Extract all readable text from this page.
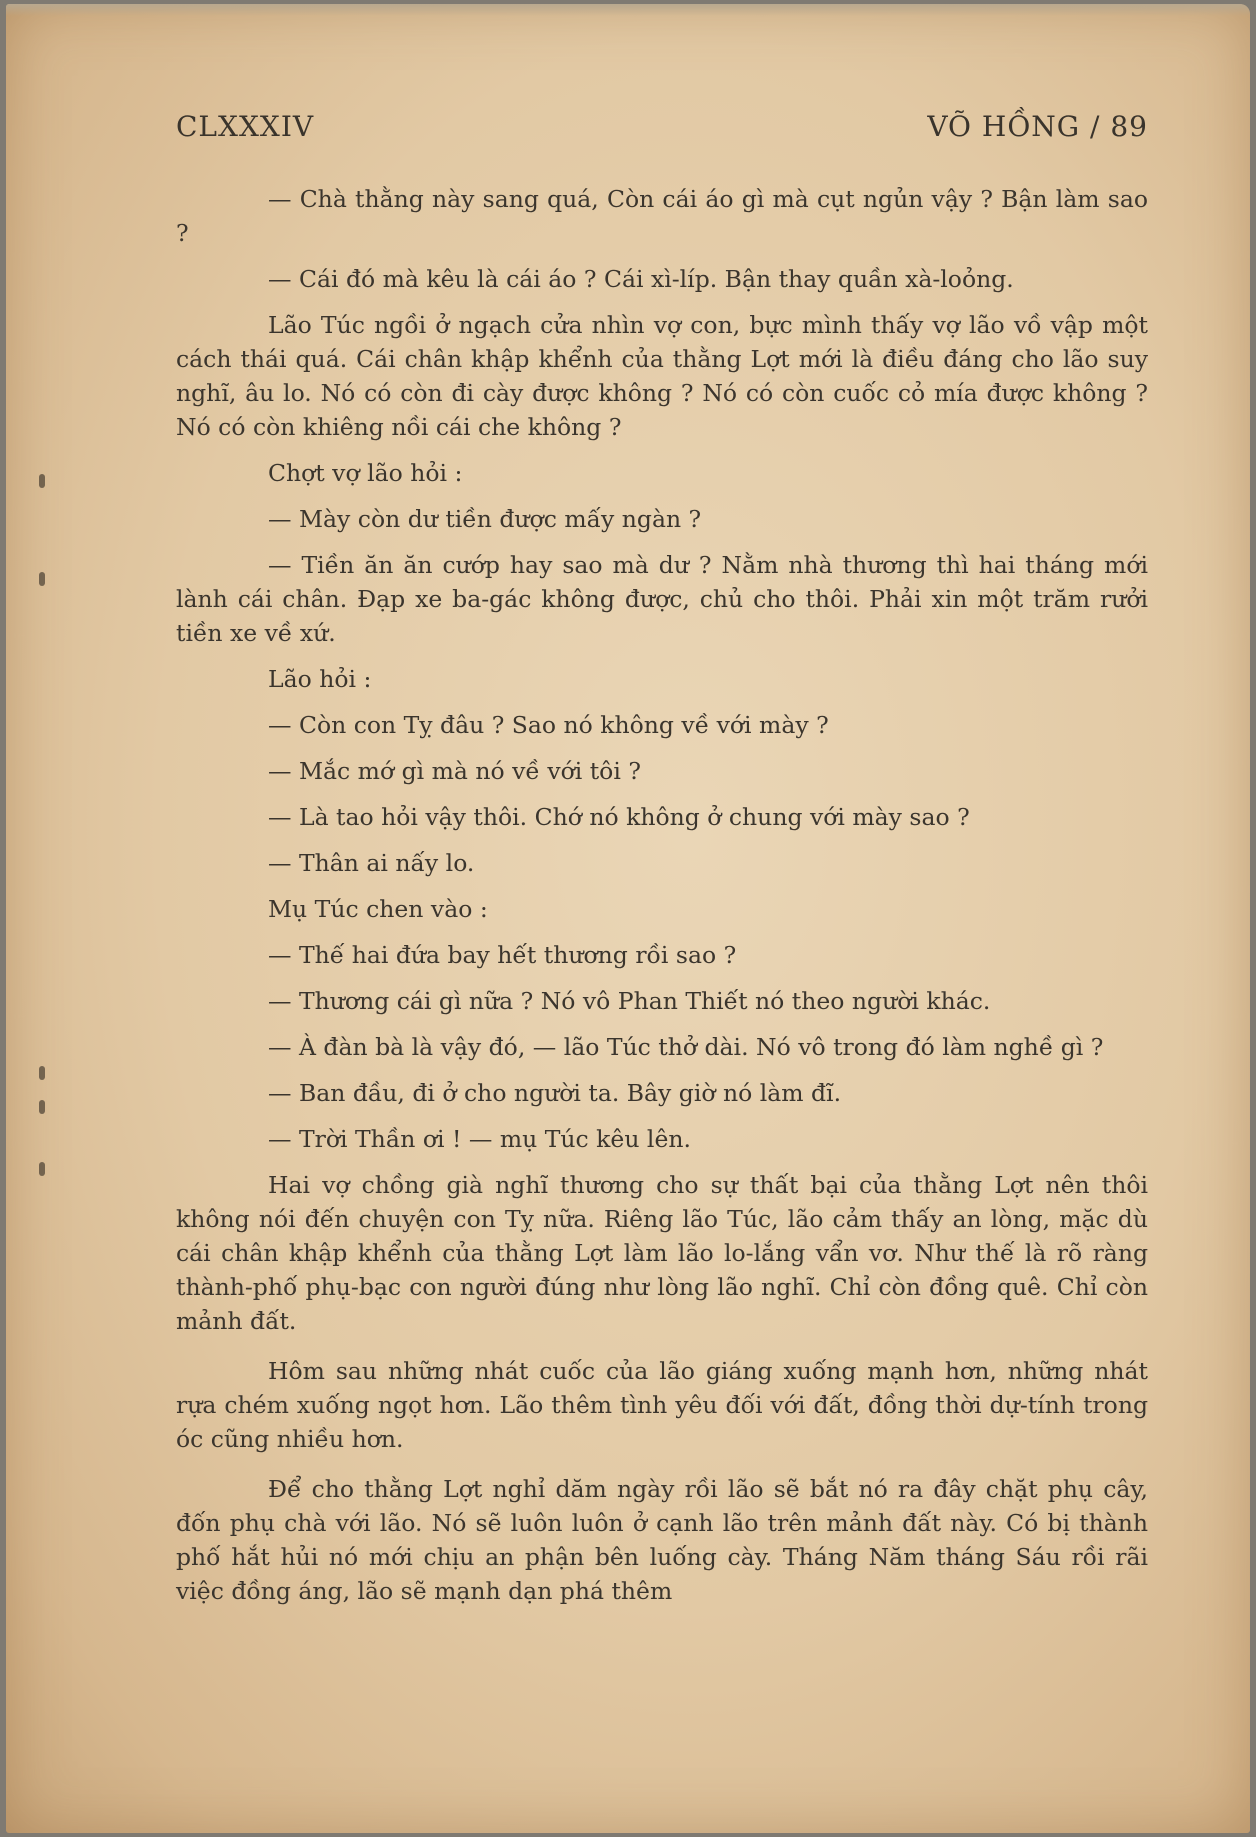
CLXXXIV	VÕ HỒNG / 89

— Chà thằng này sang quá, Còn cái áo gì mà cụt ngủn vậy ? Bận làm sao ?

— Cái đó mà kêu là cái áo ? Cái xì-líp. Bận thay quần xà-loỏng.

Lão Túc ngồi ở ngạch cửa nhìn vợ con, bực mình thấy vợ lão vồ vập một cách thái quá. Cái chân khập khểnh của thằng Lợt mới là điều đáng cho lão suy nghĩ, âu lo. Nó có còn đi cày được không ? Nó có còn cuốc cỏ mía được không ? Nó có còn khiêng nồi cái che không ?

Chợt vợ lão hỏi :

— Mày còn dư tiền được mấy ngàn ?

— Tiền ăn ăn cướp hay sao mà dư ? Nằm nhà thương thì hai tháng mới lành cái chân. Đạp xe ba-gác không được, chủ cho thôi. Phải xin một trăm rưởi tiền xe về xứ.

Lão hỏi :

— Còn con Tỵ đâu ? Sao nó không về với mày ?

— Mắc mớ gì mà nó về với tôi ?

— Là tao hỏi vậy thôi. Chớ nó không ở chung với mày sao ?

— Thân ai nấy lo.

Mụ Túc chen vào :

— Thế hai đứa bay hết thương rồi sao ?

— Thương cái gì nữa ? Nó vô Phan Thiết nó theo người khác.

— À đàn bà là vậy đó, — lão Túc thở dài. Nó vô trong đó làm nghề gì ?

— Ban đầu, đi ở cho người ta. Bây giờ nó làm đĩ.

— Trời Thần ơi ! — mụ Túc kêu lên.

Hai vợ chồng già nghĩ thương cho sự thất bại của thằng Lợt nên thôi không nói đến chuyện con Tỵ nữa. Riêng lão Túc, lão cảm thấy an lòng, mặc dù cái chân khập khểnh của thằng Lợt làm lão lo-lắng vẩn vơ. Như thế là rõ ràng thành-phố phụ-bạc con người đúng như lòng lão nghĩ. Chỉ còn đồng quê. Chỉ còn mảnh đất.

Hôm sau những nhát cuốc của lão giáng xuống mạnh hơn, những nhát rựa chém xuống ngọt hơn. Lão thêm tình yêu đối với đất, đồng thời dự-tính trong óc cũng nhiều hơn.

Để cho thằng Lợt nghỉ dăm ngày rồi lão sẽ bắt nó ra đây chặt phụ cây, đốn phụ chà với lão. Nó sẽ luôn luôn ở cạnh lão trên mảnh đất này. Có bị thành phố hắt hủi nó mới chịu an phận bên luống cày. Tháng Năm tháng Sáu rồi rãi việc đồng áng, lão sẽ mạnh dạn phá thêm
